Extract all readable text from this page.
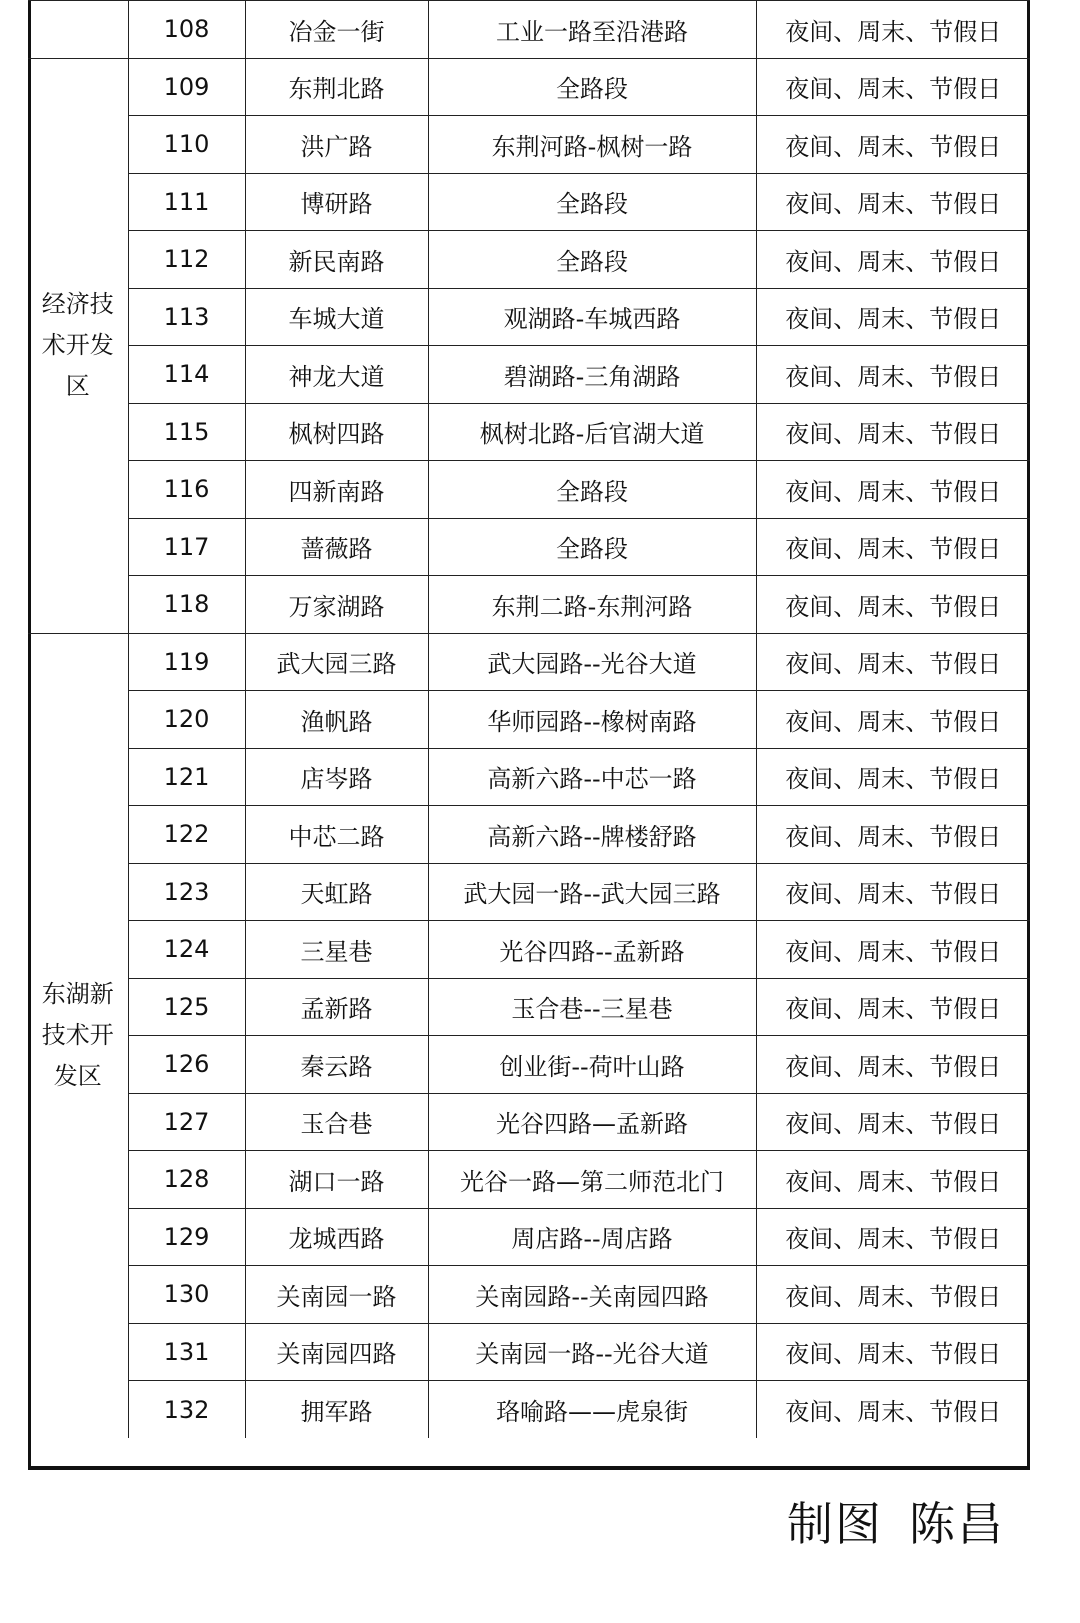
	108	冶金一街	工业一路至沿港路	夜间、周末、节假日
经济技术开发区	109	东荆北路	全路段	夜间、周末、节假日
	110	洪广路	东荆河路-枫树一路	夜间、周末、节假日
	111	博研路	全路段	夜间、周末、节假日
	112	新民南路	全路段	夜间、周末、节假日
	113	车城大道	观湖路-车城西路	夜间、周末、节假日
	114	神龙大道	碧湖路-三角湖路	夜间、周末、节假日
	115	枫树四路	枫树北路-后官湖大道	夜间、周末、节假日
	116	四新南路	全路段	夜间、周末、节假日
	117	蔷薇路	全路段	夜间、周末、节假日
	118	万家湖路	东荆二路-东荆河路	夜间、周末、节假日
东湖新技术开发区	119	武大园三路	武大园路--光谷大道	夜间、周末、节假日
	120	渔帆路	华师园路--橡树南路	夜间、周末、节假日
	121	店岑路	高新六路--中芯一路	夜间、周末、节假日
	122	中芯二路	高新六路--牌楼舒路	夜间、周末、节假日
	123	天虹路	武大园一路--武大园三路	夜间、周末、节假日
	124	三星巷	光谷四路--孟新路	夜间、周末、节假日
	125	孟新路	玉合巷--三星巷	夜间、周末、节假日
	126	秦云路	创业街--荷叶山路	夜间、周末、节假日
	127	玉合巷	光谷四路—孟新路	夜间、周末、节假日
	128	湖口一路	光谷一路—第二师范北门	夜间、周末、节假日
	129	龙城西路	周店路--周店路	夜间、周末、节假日
	130	关南园一路	关南园路--关南园四路	夜间、周末、节假日
	131	关南园四路	关南园一路--光谷大道	夜间、周末、节假日
	132	拥军路	珞喻路——虎泉街	夜间、周末、节假日
制图 陈昌
